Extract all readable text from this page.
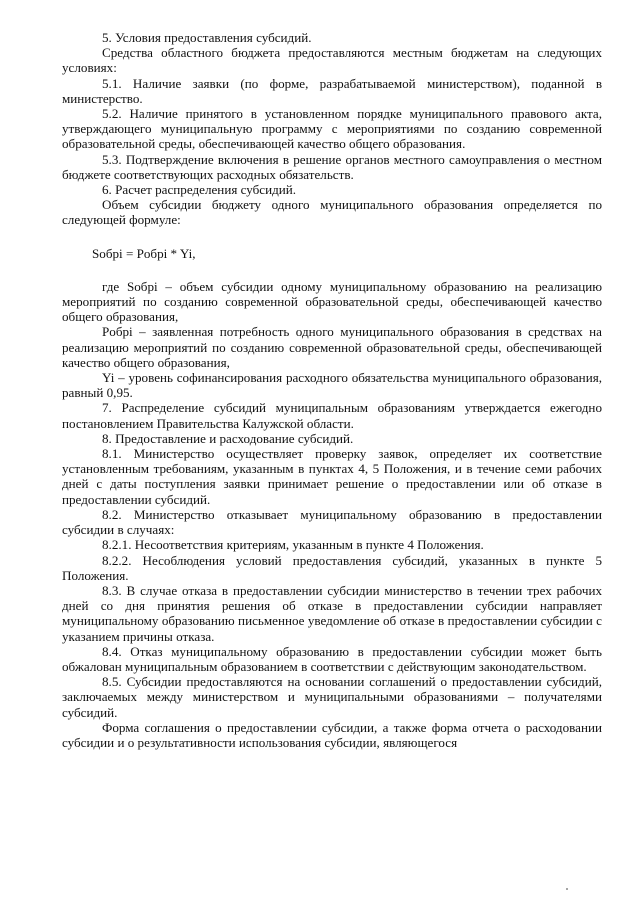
5. Условия предоставления субсидий.

Средства областного бюджета предоставляются местным бюджетам на следующих условиях:

5.1. Наличие заявки (по форме, разрабатываемой министерством), поданной в министерство.

5.2. Наличие принятого в установленном порядке муниципального правового акта, утверждающего муниципальную программу с мероприятиями по созданию современной образовательной среды, обеспечивающей качество общего образования.

5.3. Подтверждение включения в решение органов местного самоуправления о местном бюджете соответствующих расходных обязательств.

6. Расчет распределения субсидий.

Объем субсидии бюджету одного муниципального образования определяется по следующей формуле:

Sобрi = Pобрi * Yi,

где Sобрi – объем субсидии одному муниципальному образованию на реализацию мероприятий по созданию современной образовательной среды, обеспечивающей качество общего образования,

Pобрi – заявленная потребность одного муниципального образования в средствах на реализацию мероприятий по созданию современной образовательной среды, обеспечивающей качество общего образования,

Yi – уровень софинансирования расходного обязательства муниципального образования, равный 0,95.

7. Распределение субсидий муниципальным образованиям утверждается ежегодно постановлением Правительства Калужской области.

8. Предоставление и расходование субсидий.

8.1. Министерство осуществляет проверку заявок, определяет их соответствие установленным требованиям, указанным в пунктах 4, 5 Положения, и в течение семи рабочих дней с даты поступления заявки принимает решение о предоставлении или об отказе в предоставлении субсидий.

8.2. Министерство отказывает муниципальному образованию в предоставлении субсидии в случаях:

8.2.1. Несоответствия критериям, указанным в пункте 4 Положения.

8.2.2. Несоблюдения условий предоставления субсидий, указанных в пункте 5 Положения.

8.3. В случае отказа в предоставлении субсидии министерство в течении трех рабочих дней со дня принятия решения об отказе в предоставлении субсидии направляет муниципальному образованию письменное уведомление об отказе в предоставлении субсидии с указанием причины отказа.

8.4. Отказ муниципальному образованию в предоставлении субсидии может быть обжалован муниципальным образованием в соответствии с действующим законодательством.

8.5. Субсидии предоставляются на основании соглашений о предоставлении субсидий, заключаемых между министерством и муниципальными образованиями – получателями субсидий.

Форма соглашения о предоставлении субсидии, а также форма отчета о расходовании субсидии и о результативности использования субсидии, являющегося
